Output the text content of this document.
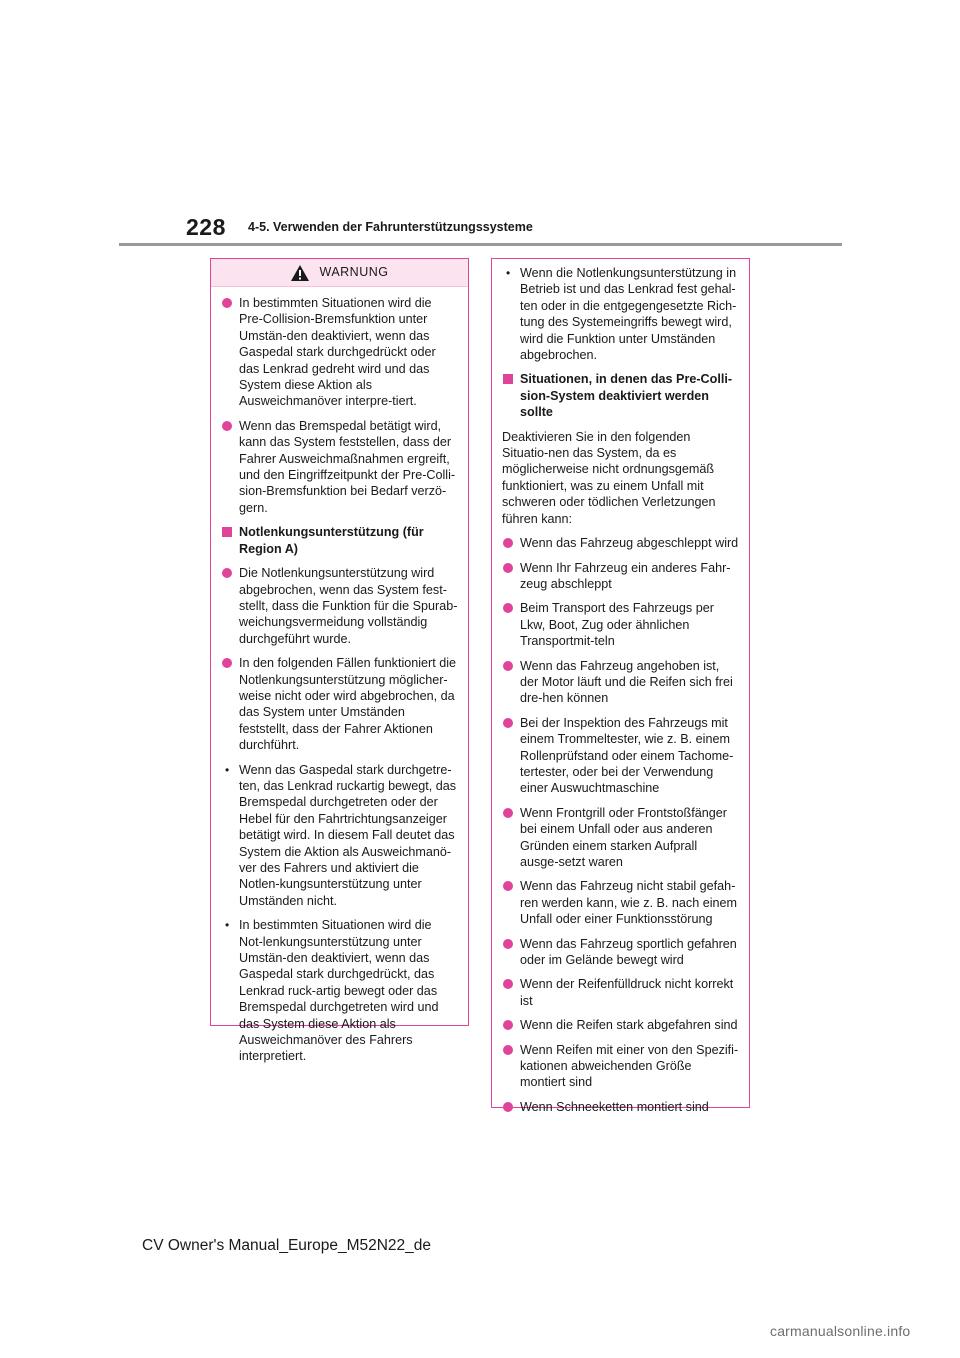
228 4-5. Verwenden der Fahrunterstützungssysteme
WARNUNG
In bestimmten Situationen wird die Pre-Collision-Bremsfunktion unter Umstän-den deaktiviert, wenn das Gaspedal stark durchgedrückt oder das Lenkrad gedreht wird und das System diese Aktion als Ausweichmanöver interpre-tiert.
Wenn das Bremspedal betätigt wird, kann das System feststellen, dass der Fahrer Ausweichmaßnahmen ergreift, und den Eingriffzeitpunkt der Pre-Colli-sion-Bremsfunktion bei Bedarf verzö-gern.
Notlenkungsunterstützung (für Region A)
Die Notlenkungsunterstützung wird abgebrochen, wenn das System fest-stellt, dass die Funktion für die Spurab-weichungsvermeidung vollständig durchgeführt wurde.
In den folgenden Fällen funktioniert die Notlenkungsunterstützung möglicher-weise nicht oder wird abgebrochen, da das System unter Umständen feststellt, dass der Fahrer Aktionen durchführt.
• Wenn das Gaspedal stark durchgetre-ten, das Lenkrad ruckartig bewegt, das Bremspedal durchgetreten oder der Hebel für den Fahrtrichtungsanzeiger betätigt wird. In diesem Fall deutet das System die Aktion als Ausweichmanö-ver des Fahrers und aktiviert die Notlen-kungsunterstützung unter Umständen nicht.
• In bestimmten Situationen wird die Not-lenkungsunterstützung unter Umstän-den deaktiviert, wenn das Gaspedal stark durchgedrückt, das Lenkrad ruck-artig bewegt oder das Bremspedal durchgetreten wird und das System diese Aktion als Ausweichmanöver des Fahrers interpretiert.
• Wenn die Notlenkungsunterstützung in Betrieb ist und das Lenkrad fest gehal-ten oder in die entgegengesetzte Rich-tung des Systemeingriffs bewegt wird, wird die Funktion unter Umständen abgebrochen.
Situationen, in denen das Pre-Colli-sion-System deaktiviert werden sollte
Deaktivieren Sie in den folgenden Situatio-nen das System, da es möglicherweise nicht ordnungsgemäß funktioniert, was zu einem Unfall mit schweren oder tödlichen Verletzungen führen kann:
Wenn das Fahrzeug abgeschleppt wird
Wenn Ihr Fahrzeug ein anderes Fahr-zeug abschleppt
Beim Transport des Fahrzeugs per Lkw, Boot, Zug oder ähnlichen Transportmit-teln
Wenn das Fahrzeug angehoben ist, der Motor läuft und die Reifen sich frei dre-hen können
Bei der Inspektion des Fahrzeugs mit einem Trommeltester, wie z. B. einem Rollenprüfstand oder einem Tachome-tertester, oder bei der Verwendung einer Auswuchtmaschine
Wenn Frontgrill oder Frontstoßfänger bei einem Unfall oder aus anderen Gründen einem starken Aufprall ausge-setzt waren
Wenn das Fahrzeug nicht stabil gefah-ren werden kann, wie z. B. nach einem Unfall oder einer Funktionsstörung
Wenn das Fahrzeug sportlich gefahren oder im Gelände bewegt wird
Wenn der Reifenfülldruck nicht korrekt ist
Wenn die Reifen stark abgefahren sind
Wenn Reifen mit einer von den Spezifi-kationen abweichenden Größe montiert sind
Wenn Schneeketten montiert sind
CV Owner's Manual_Europe_M52N22_de
carmanualsonline.info
